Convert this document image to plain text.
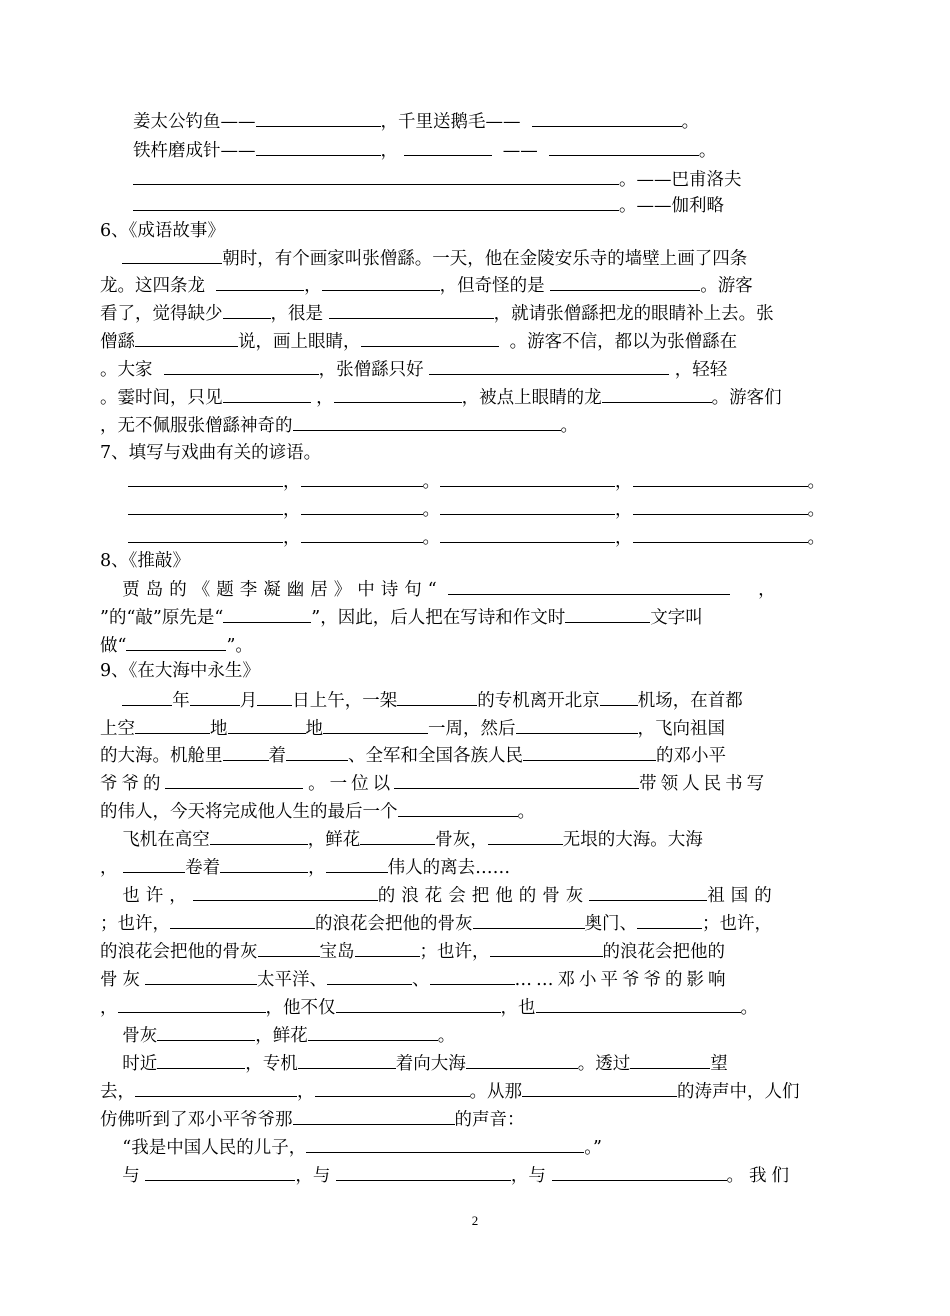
姜太公钓鱼——	，千里送鹅毛——	。
铁杵磨成针——	，	——	。
。——巴甫洛夫
。——伽利略
6、《成语故事》
朝时，有个画家叫张僧繇。一天，他在金陵安乐寺的墙壁上画了四条
龙。这四条龙	，	，但奇怪的是	。游客
看了，觉得缺少	，很是	，就请张僧繇把龙的眼睛补上去。张
僧繇	说，画上眼睛，	。游客不信，都以为张僧繇在
。大家	，张僧繇只好	，轻轻
。霎时间，只见	，	，被点上眼睛的龙	。游客们
，无不佩服张僧繇神奇的	。
7、填写与戏曲有关的谚语。
，	。	，	。
，	。	，	。
，	。	，	。
8、《推敲》
贾岛的《题李凝幽居》中诗句“	，
”的“敲”原先是“	”，因此，后人把在写诗和作文时	文字叫
做“	”。
9、《在大海中永生》
年	月 日上午，一架	的专机离开北京 机场，在首都
上空	地	地	一周，然后	，飞向祖国
的大海。机舱里	着	、全军和全国各族人民	的邓小平
爷爷的	。一位以	带领人民书写
的伟人，今天将完成他人生的最后一个	。
飞机在高空	，鲜花	骨灰，	无垠的大海。大海
，	卷着	，	伟人的离去……
也许，	的浪花会把他的骨灰	祖国的
；也许，	的浪花会把他的骨灰	奥门、	；也许，
的浪花会把他的骨灰	宝岛	；也许，	的浪花会把他的
骨灰	太平洋、	、	……邓小平爷爷的影响
，	，他不仅	，也	。
骨灰	，鲜花	。
时近	，专机	着向大海	。透过	望
去，	，	。从那	的涛声中，人们
仿佛听到了邓小平爷爷那	的声音：
“我是中国人民的儿子，	。”
与	，与	，与	。我们
2
